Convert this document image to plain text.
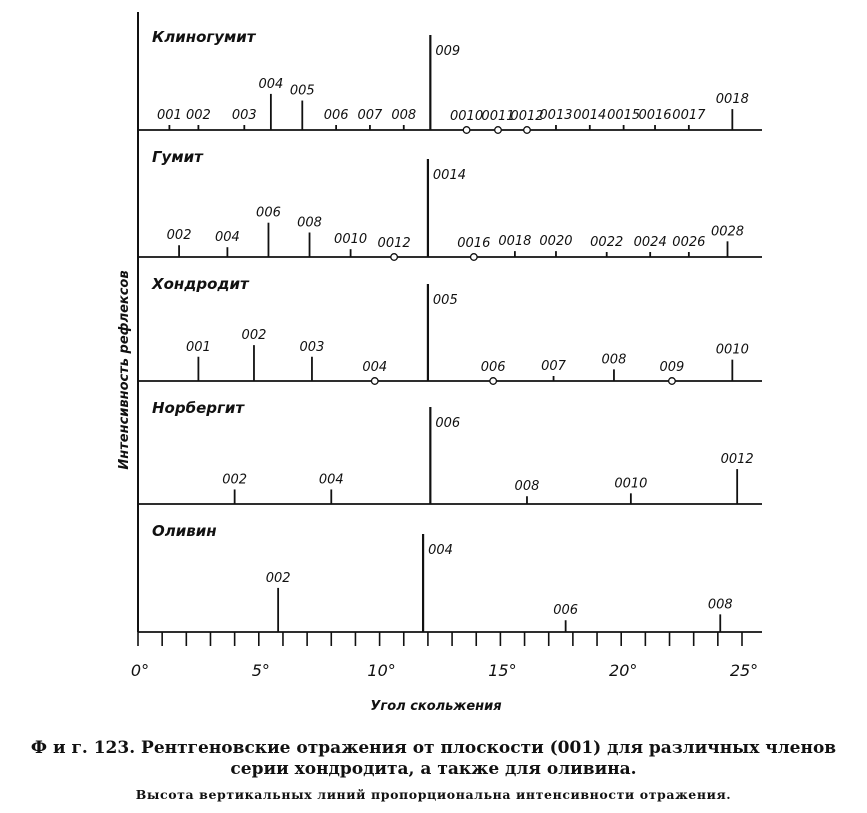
Клиногумит
001 002 003
004 005
006 007 008
009
0010
0011
0012
0013 0014 0015
0016 0017
0018
Гумит
002 004
006
008
0010 0012
0014
0016 0018 0020 0022 0024 0026
0028
Хондродит
001
002
003
004
005
006	007	008
009
0010
Норбергит
002	004
006
008	0010
0012
Оливин
002
004
006	008
0°	5°	10°	15°	20°	25°
Угол скольжения
Интенсивность рефлексов
Ф и г. 123. Рентгеновские отражения от плоскости (001) для различных членов серии хондродита, а также для оливина.
Высота вертикальных линий пропорциональна интенсивности отражения.
